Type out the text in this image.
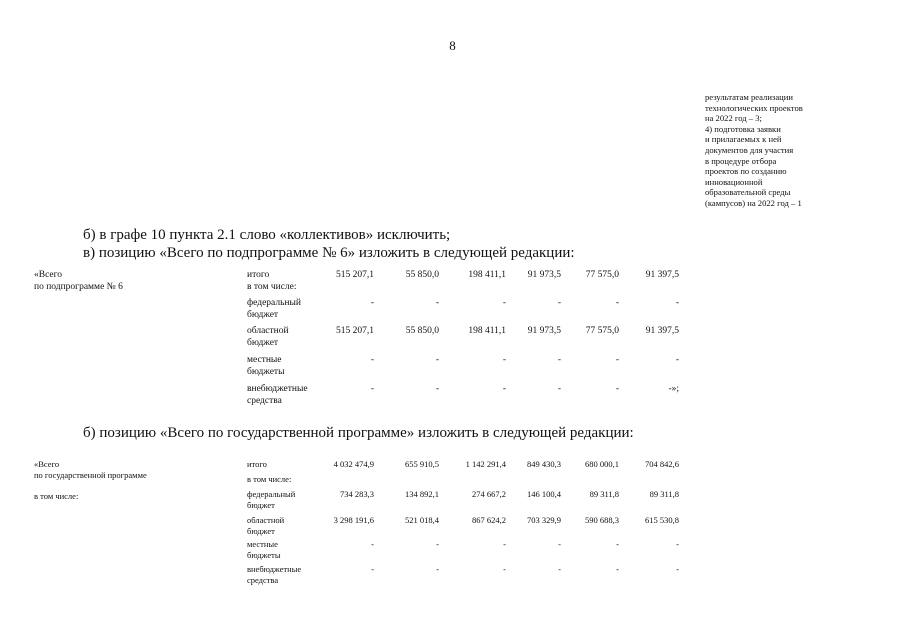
8
результатам реализации
технологических проектов
на 2022 год – 3;
4) подготовка заявки
и прилагаемых к ней
документов для участия
в процедуре отбора
проектов по созданию
инновационной
образовательной среды
(кампусов) на 2022 год – 1
б) в графе 10 пункта 2.1 слово «коллективов» исключить;
в) позицию «Всего по подпрограмме № 6» изложить в следующей редакции:
«Всего
по подпрограмме № 6
итого
в том числе:
515 207,1	55 850,0	198 411,1	91 973,5	77 575,0	91 397,5
федеральный
бюджет
-	-	-	-	-	-
областной
бюджет
515 207,1	55 850,0	198 411,1	91 973,5	77 575,0	91 397,5
местные
бюджеты
-	-	-	-	-	-
внебюджетные
средства
-	-	-	-	-	-»;
б) позицию «Всего по государственной программе» изложить в следующей редакции:
«Всего
по государственной программе

в том числе:
итого	4 032 474,9	655 910,5	1 142 291,4	849 430,3	680 000,1	704 842,6
в том числе:
федеральный
бюджет
734 283,3	134 892,1	274 667,2	146 100,4	89 311,8	89 311,8
областной
бюджет
3 298 191,6	521 018,4	867 624,2	703 329,9	590 688,3	615 530,8
местные
бюджеты
-	-	-	-	-	-
внебюджетные
средства
-	-	-	-	-	-
